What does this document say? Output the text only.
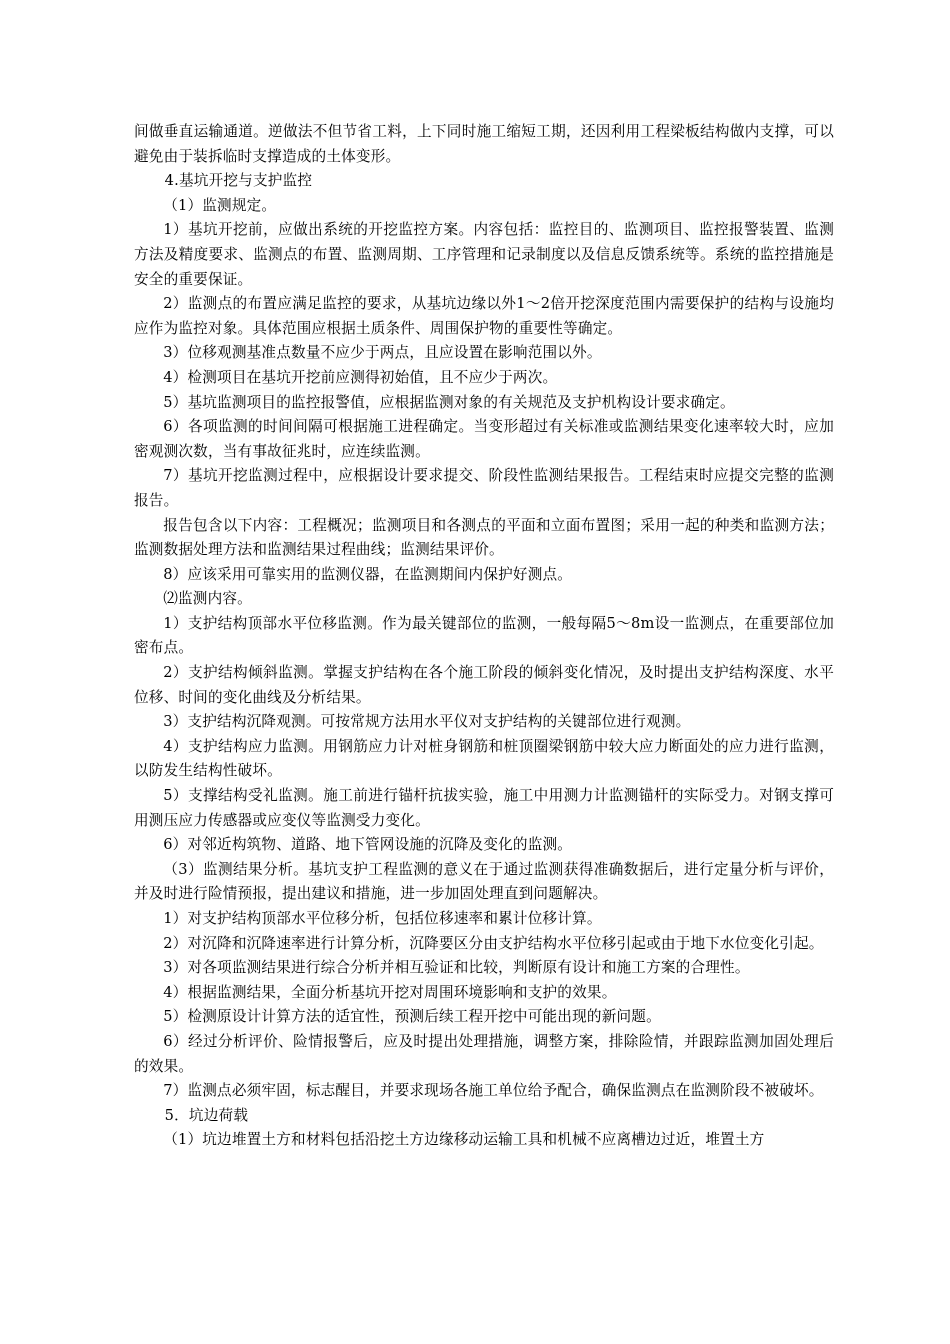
间做垂直运输通道。逆做法不但节省工料，上下同时施工缩短工期，还因利用工程梁板结构做内支撑，可以避免由于装拆临时支撑造成的土体变形。

4.基坑开挖与支护监控

（1）监测规定。

1）基坑开挖前，应做出系统的开挖监控方案。内容包括：监控目的、监测项目、监控报警装置、监测方法及精度要求、监测点的布置、监测周期、工序管理和记录制度以及信息反馈系统等。系统的监控措施是安全的重要保证。

2）监测点的布置应满足监控的要求，从基坑边缘以外1～2倍开挖深度范围内需要保护的结构与设施均应作为监控对象。具体范围应根据土质条件、周围保护物的重要性等确定。

3）位移观测基准点数量不应少于两点，且应设置在影响范围以外。

4）检测项目在基坑开挖前应测得初始值，且不应少于两次。

5）基坑监测项目的监控报警值，应根据监测对象的有关规范及支护机构设计要求确定。

6）各项监测的时间间隔可根据施工进程确定。当变形超过有关标准或监测结果变化速率较大时，应加密观测次数，当有事故征兆时，应连续监测。

7）基坑开挖监测过程中，应根据设计要求提交、阶段性监测结果报告。工程结束时应提交完整的监测报告。

报告包含以下内容：工程概况；监测项目和各测点的平面和立面布置图；采用一起的种类和监测方法；监测数据处理方法和监测结果过程曲线；监测结果评价。

8）应该采用可靠实用的监测仪器，在监测期间内保护好测点。

⑵监测内容。

1）支护结构顶部水平位移监测。作为最关键部位的监测，一般每隔5～8m设一监测点，在重要部位加密布点。

2）支护结构倾斜监测。掌握支护结构在各个施工阶段的倾斜变化情况，及时提出支护结构深度、水平位移、时间的变化曲线及分析结果。

3）支护结构沉降观测。可按常规方法用水平仪对支护结构的关键部位进行观测。

4）支护结构应力监测。用钢筋应力计对桩身钢筋和桩顶圈梁钢筋中较大应力断面处的应力进行监测，以防发生结构性破坏。

5）支撑结构受礼监测。施工前进行锚杆抗拔实验，施工中用测力计监测锚杆的实际受力。对钢支撑可用测压应力传感器或应变仪等监测受力变化。

6）对邻近构筑物、道路、地下管网设施的沉降及变化的监测。

（3）监测结果分析。基坑支护工程监测的意义在于通过监测获得准确数据后，进行定量分析与评价，并及时进行险情预报，提出建议和措施，进一步加固处理直到问题解决。

1）对支护结构顶部水平位移分析，包括位移速率和累计位移计算。

2）对沉降和沉降速率进行计算分析，沉降要区分由支护结构水平位移引起或由于地下水位变化引起。

3）对各项监测结果进行综合分析并相互验证和比较，判断原有设计和施工方案的合理性。

4）根据监测结果，全面分析基坑开挖对周围环境影响和支护的效果。

5）检测原设计计算方法的适宜性，预测后续工程开挖中可能出现的新问题。

6）经过分析评价、险情报警后，应及时提出处理措施，调整方案，排除险情，并跟踪监测加固处理后的效果。

7）监测点必须牢固，标志醒目，并要求现场各施工单位给予配合，确保监测点在监测阶段不被破坏。

5．坑边荷载

（1）坑边堆置土方和材料包括沿挖土方边缘移动运输工具和机械不应离槽边过近，堆置土方
